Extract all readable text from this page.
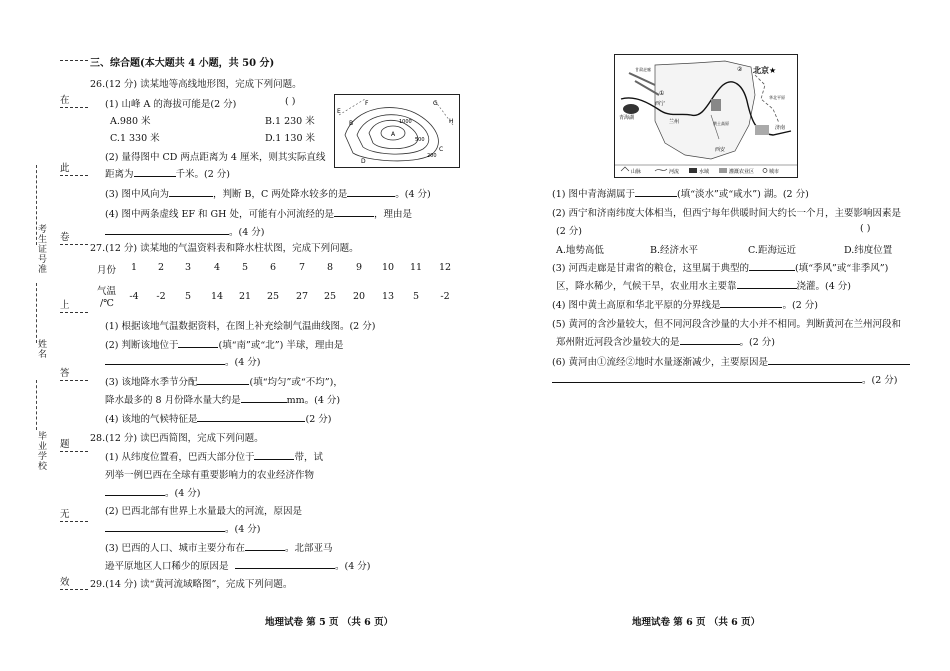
考生证号准
姓名
毕业学校
在
此
卷
上
答
题
无
效
三、综合题(本大题共 4 小题，共 50 分)
26.(12 分) 读某地等高线地形图，完成下列问题。
(1) 山峰 A 的海拔可能是(2 分)	( )
A.980 米	B.1 230 米
C.1 330 米	D.1 130 米
(2) 量得图中 CD 两点距离为 4 厘米，则其实际直线
距离为	千米。(2 分)
(3) 图中风向为	，判断 B，C 两处降水较多的是	。(4 分)
(4) 图中两条虚线 EF 和 GH 处，可能有小河流经的是	，理由是
。(4 分)
A
B
C
D
E
F	G
H
1000
500
200
27.(12 分) 读某地的气温资料表和降水柱状图，完成下列问题。
月份	1	2	3	4	5	6	7	8	9	10	11	12
气温
/℃
-4	-2	5	14	21	25	27	25	20	13	5	-2
(1) 根据该地气温数据资料，在图上补充绘制气温曲线图。(2 分)
(2) 判断该地位于	(填“南”或“北”) 半球，理由是
。(4 分)
(3) 该地降水季节分配	(填“均匀”或“不均”)，
降水最多的 8 月份降水量大约是	mm。(4 分)
(4) 该地的气候特征是	(2 分)
28.(12 分) 读巴西简图，完成下列问题。
(1) 从纬度位置看，巴西大部分位于	带，试
列举一例巴西在全球有重要影响力的农业经济作物
。(4 分)
(2) 巴西北部有世界上水量最大的河流，原因是
。(4 分)
(3) 巴西的人口、城市主要分布在	。北部亚马
逊平原地区人口稀少的原因是	。(4 分)
29.(14 分) 读“黄河流域略图”，完成下列问题。
地理试卷 第 5 页 （共 6 页）
北京★
青海湖
西宁
兰州
济南
西安
①
②
甘肃走廊
黄土高原
华北平原
山脉	河流	水域	灌溉农业区	城市
(1) 图中青海湖属于	(填“淡水”或“咸水”) 湖。(2 分)
(2) 西宁和济南纬度大体相当，但西宁每年供暖时间大约长一个月，主要影响因素是
(2 分)	( )
A.地势高低	B.经济水平	C.距海远近	D.纬度位置
(3) 河西走廊是甘肃省的粮仓，这里属于典型的	(填“季风”或“非季风”)
区，降水稀少，气候干旱，农业用水主要靠	浇灌。(4 分)
(4) 图中黄土高原和华北平原的分界线是	。(2 分)
(5) 黄河的含沙量较大，但不同河段含沙量的大小并不相同。判断黄河在兰州河段和
郑州附近河段含沙量较大的是	。(2 分)
(6) 黄河由①流经②地时水量逐渐减少，主要原因是
。(2 分)
地理试卷 第 6 页 （共 6 页）
